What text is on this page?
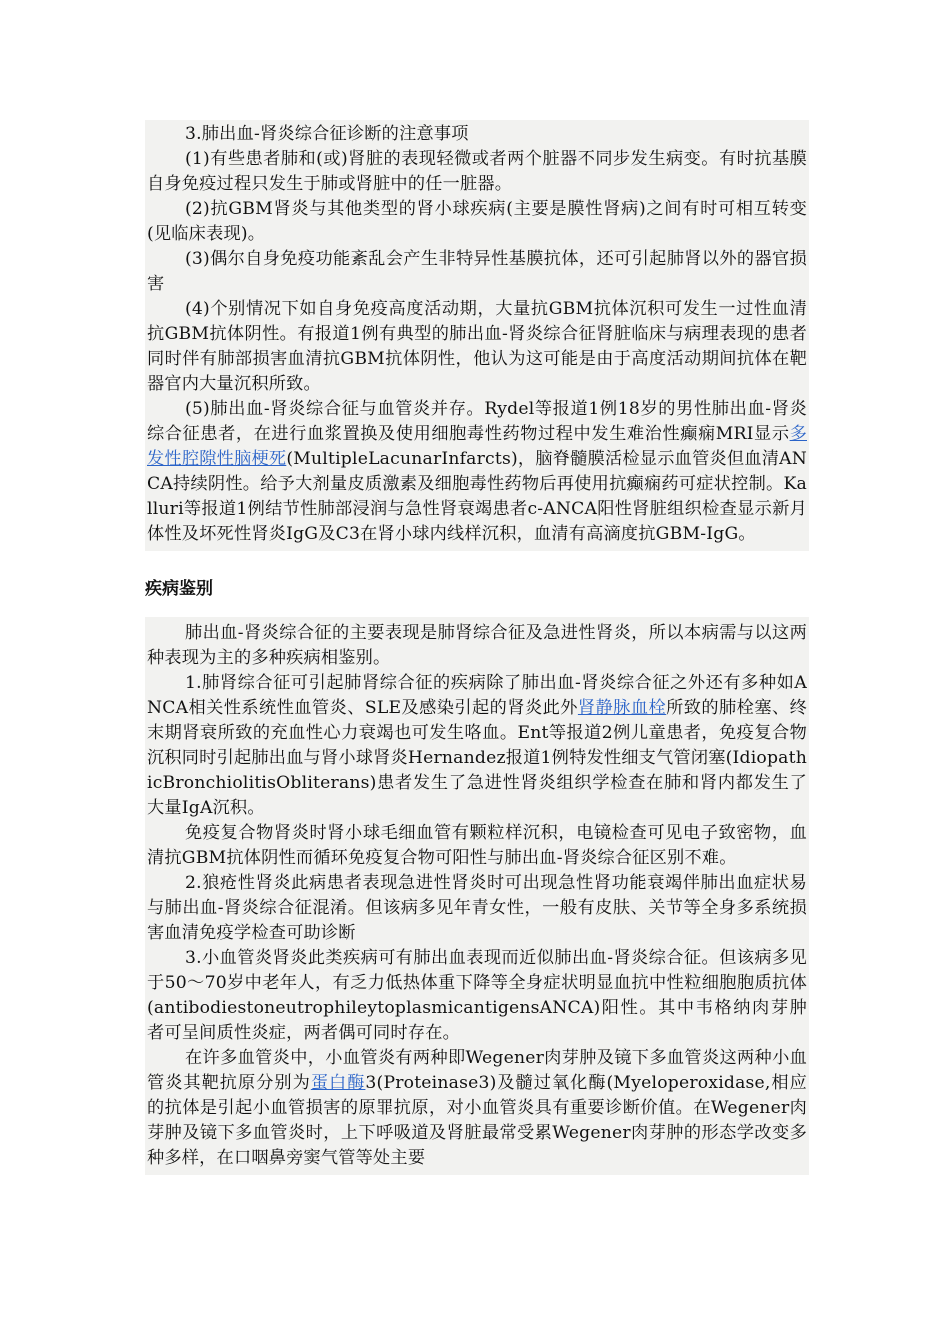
3.肺出血-肾炎综合征诊断的注意事项

(1)有些患者肺和(或)肾脏的表现轻微或者两个脏器不同步发生病变。有时抗基膜自身免疫过程只发生于肺或肾脏中的任一脏器。

(2)抗GBM肾炎与其他类型的肾小球疾病(主要是膜性肾病)之间有时可相互转变(见临床表现)。

(3)偶尔自身免疫功能紊乱会产生非特异性基膜抗体，还可引起肺肾以外的器官损害

(4)个别情况下如自身免疫高度活动期，大量抗GBM抗体沉积可发生一过性血清抗GBM抗体阴性。有报道1例有典型的肺出血-肾炎综合征肾脏临床与病理表现的患者同时伴有肺部损害血清抗GBM抗体阴性，他认为这可能是由于高度活动期间抗体在靶器官内大量沉积所致。

(5)肺出血-肾炎综合征与血管炎并存。Rydel等报道1例18岁的男性肺出血-肾炎综合征患者，在进行血浆置换及使用细胞毒性药物过程中发生难治性癫痫MRI显示多发性腔隙性脑梗死(MultipleLacunarInfarcts)，脑脊髓膜活检显示血管炎但血清ANCA持续阴性。给予大剂量皮质激素及细胞毒性药物后再使用抗癫痫药可症状控制。Kalluri等报道1例结节性肺部浸润与急性肾衰竭患者c-ANCA阳性肾脏组织检查显示新月体性及坏死性肾炎IgG及C3在肾小球内线样沉积，血清有高滴度抗GBM-IgG。

疾病鉴别

肺出血-肾炎综合征的主要表现是肺肾综合征及急进性肾炎，所以本病需与以这两种表现为主的多种疾病相鉴别。

1.肺肾综合征可引起肺肾综合征的疾病除了肺出血-肾炎综合征之外还有多种如ANCA相关性系统性血管炎、SLE及感染引起的肾炎此外肾静脉血栓所致的肺栓塞、终末期肾衰所致的充血性心力衰竭也可发生咯血。Ent等报道2例儿童患者，免疫复合物沉积同时引起肺出血与肾小球肾炎Hernandez报道1例特发性细支气管闭塞(IdiopathicBronchiolitisObliterans)患者发生了急进性肾炎组织学检查在肺和肾内都发生了大量IgA沉积。

免疫复合物肾炎时肾小球毛细血管有颗粒样沉积，电镜检查可见电子致密物，血清抗GBM抗体阴性而循环免疫复合物可阳性与肺出血-肾炎综合征区别不难。

2.狼疮性肾炎此病患者表现急进性肾炎时可出现急性肾功能衰竭伴肺出血症状易与肺出血-肾炎综合征混淆。但该病多见年青女性，一般有皮肤、关节等全身多系统损害血清免疫学检查可助诊断

3.小血管炎肾炎此类疾病可有肺出血表现而近似肺出血-肾炎综合征。但该病多见于50～70岁中老年人，有乏力低热体重下降等全身症状明显血抗中性粒细胞胞质抗体 (antibodiestoneutrophileytoplasmicantigensANCA)阳性。其中韦格纳肉芽肿者可呈间质性炎症，两者偶可同时存在。

在许多血管炎中，小血管炎有两种即Wegener肉芽肿及镜下多血管炎这两种小血管炎其靶抗原分别为蛋白酶3(Proteinase3)及髓过氧化酶(Myeloperoxidase,相应的抗体是引起小血管损害的原罪抗原，对小血管炎具有重要诊断价值。在Wegener肉芽肿及镜下多血管炎时，上下呼吸道及肾脏最常受累Wegener肉芽肿的形态学改变多种多样，在口咽鼻旁窦气管等处主要
